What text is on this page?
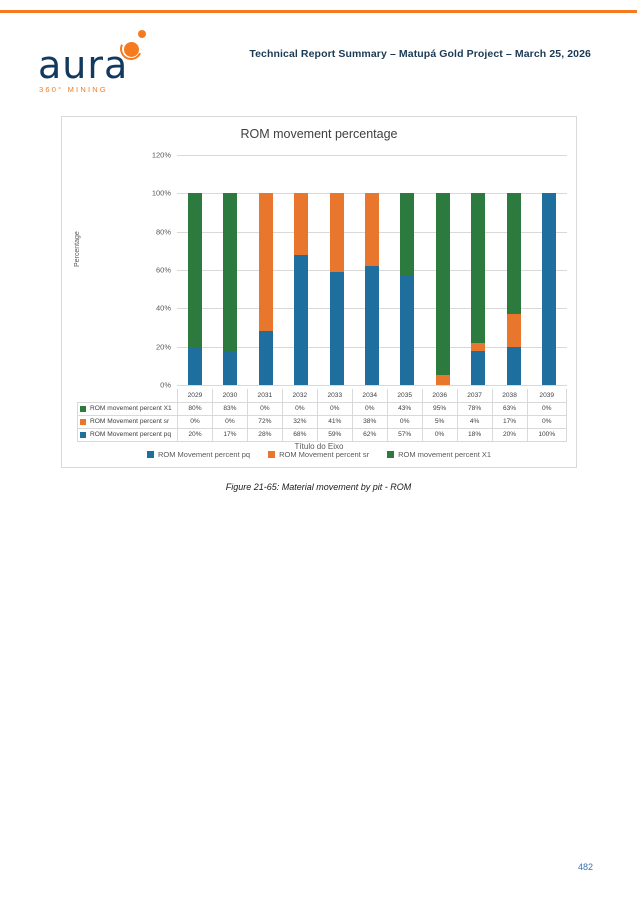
aura
360° MINING
Technical Report Summary – Matupá Gold Project – March 25, 2026
ROM movement percentage
Percentage
0%
20%
40%
60%
80%
100%
120%
	2029	2030	2031	2032	2033	2034	2035	2036	2037	2038	2039

ROM movement percent X1	80%	83%	0%	0%	0%	0%	43%	95%	78%	63%	0%

ROM Movement percent sr	0%	0%	72%	32%	41%	38%	0%	5%	4%	17%	0%

ROM Movement percent pq	20%	17%	28%	68%	59%	62%	57%	0%	18%	20%	100%
Título do Eixo
ROM Movement percent pq	ROM Movement percent sr	ROM movement percent X1
Figure 21-65: Material movement by pit - ROM
482
